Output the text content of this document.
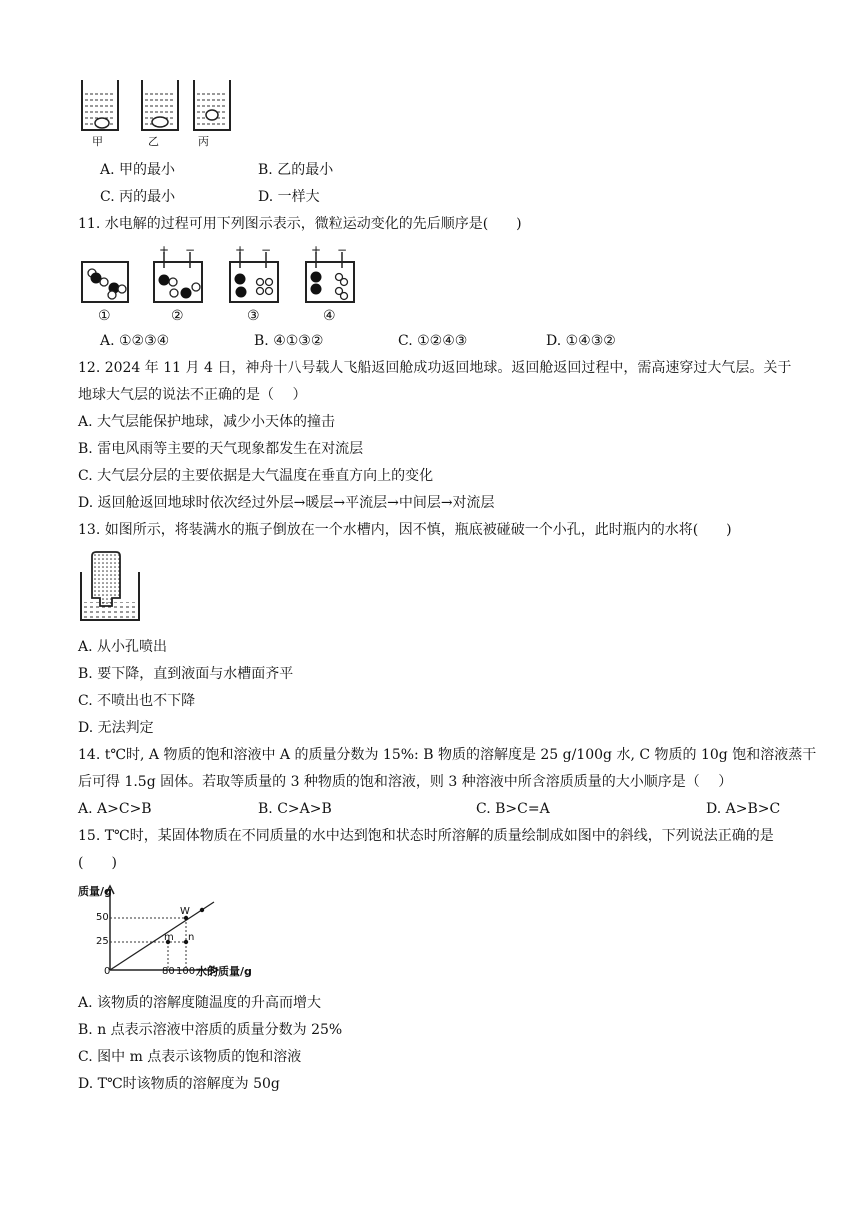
甲	乙	丙
A. 甲的最小	B. 乙的最小
C. 丙的最小	D. 一样大
11. 水电解的过程可用下列图示表示，微粒运动变化的先后顺序是(　　)
+ −	+ −	+ −
①	②	③	④
A. ①②③④	B. ④①③②	C. ①②④③	D. ①④③②
12. 2024 年 11 月 4 日，神舟十八号载人飞船返回舱成功返回地球。返回舱返回过程中，需高速穿过大气层。关于
地球大气层的说法不正确的是（　 ）
A. 大气层能保护地球，减少小天体的撞击
B. 雷电风雨等主要的天气现象都发生在对流层
C. 大气层分层的主要依据是大气温度在垂直方向上的变化
D. 返回舱返回地球时依次经过外层→暖层→平流层→中间层→对流层
13. 如图所示，将装满水的瓶子倒放在一个水槽内，因不慎，瓶底被碰破一个小孔，此时瓶内的水将(　　)
A. 从小孔喷出
B. 要下降，直到液面与水槽面齐平
C. 不喷出也不下降
D. 无法判定
14. t℃时, A 物质的饱和溶液中 A 的质量分数为 15%: B 物质的溶解度是 25 g/100g 水, C 物质的 10g 饱和溶液蒸干
后可得 1.5g 固体。若取等质量的 3 种物质的饱和溶液，则 3 种溶液中所含溶质质量的大小顺序是（　 ）
A. A>C>B	B. C>A>B	C. B>C=A	D. A>B>C
15. T℃时，某固体物质在不同质量的水中达到饱和状态时所溶解的质量绘制成如图中的斜线，下列说法正确的是
(　　)
质量/g
50
25
0	80 100 水的质量/g
W
m n
A. 该物质的溶解度随温度的升高而增大
B. n 点表示溶液中溶质的质量分数为 25%
C. 图中 m 点表示该物质的饱和溶液
D. T℃时该物质的溶解度为 50g
